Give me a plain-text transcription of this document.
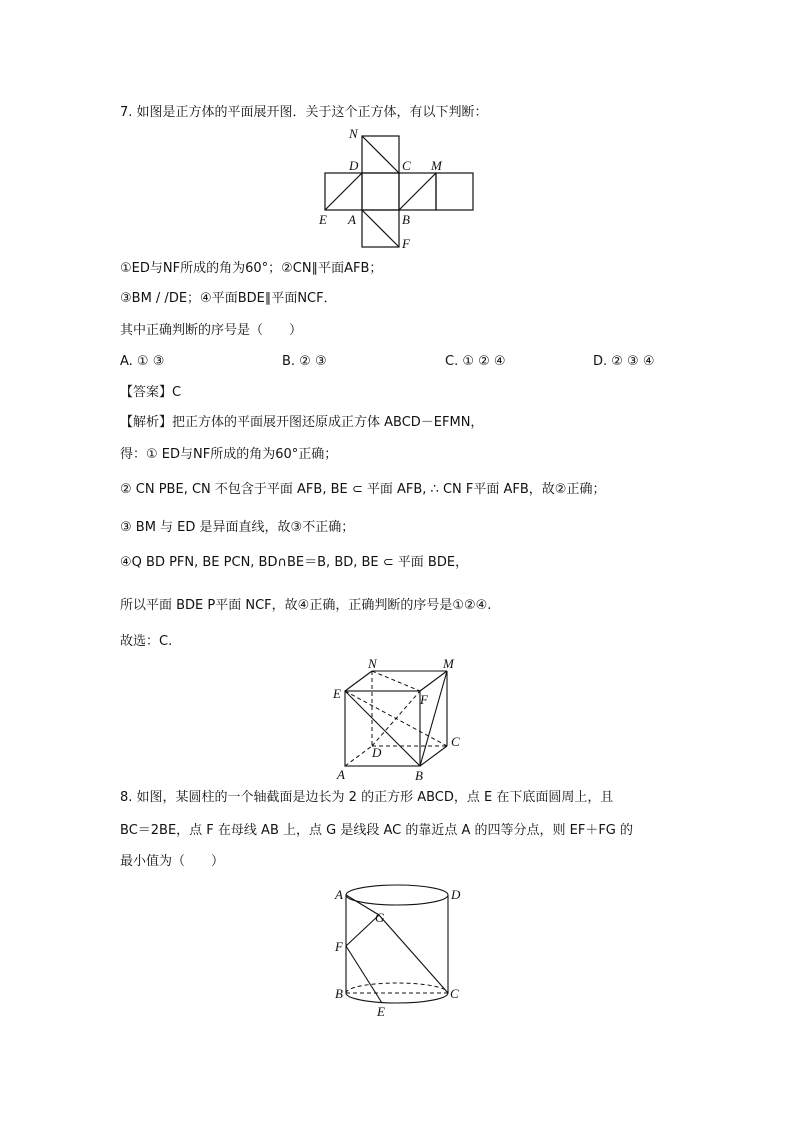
7. 如图是正方体的平面展开图．关于这个正方体，有以下判断：
N
D	C M
E A	B
F
①ED与NF所成的角为60°；②CN∥平面AFB；
③BM / /DE；④平面BDE∥平面NCF．
其中正确判断的序号是（　　）
A. ① ③	B. ② ③	C. ① ② ④	D. ② ③ ④
【答案】C
【解析】把正方体的平面展开图还原成正方体 ABCD－EFMN，
得：① ED与NF所成的角为60°正确；
② CN PBE, CN 不包含于平面 AFB, BE ⊂ 平面 AFB, ∴ CN F平面 AFB，故②正确；
③ BM 与 ED 是异面直线，故③不正确；
④Q BD PFN, BE PCN, BD∩BE＝B, BD, BE ⊂ 平面 BDE，
所以平面 BDE P平面 NCF，故④正确，正确判断的序号是①②④.
故选：C.
N	M
E	F
D
C
A	B
8. 如图，某圆柱的一个轴截面是边长为 2 的正方形 ABCD，点 E 在下底面圆周上，且
BC＝2BE，点 F 在母线 AB 上，点 G 是线段 AC 的靠近点 A 的四等分点，则 EF＋FG 的
最小值为（　　）
A	D
G
F
B	C
E
